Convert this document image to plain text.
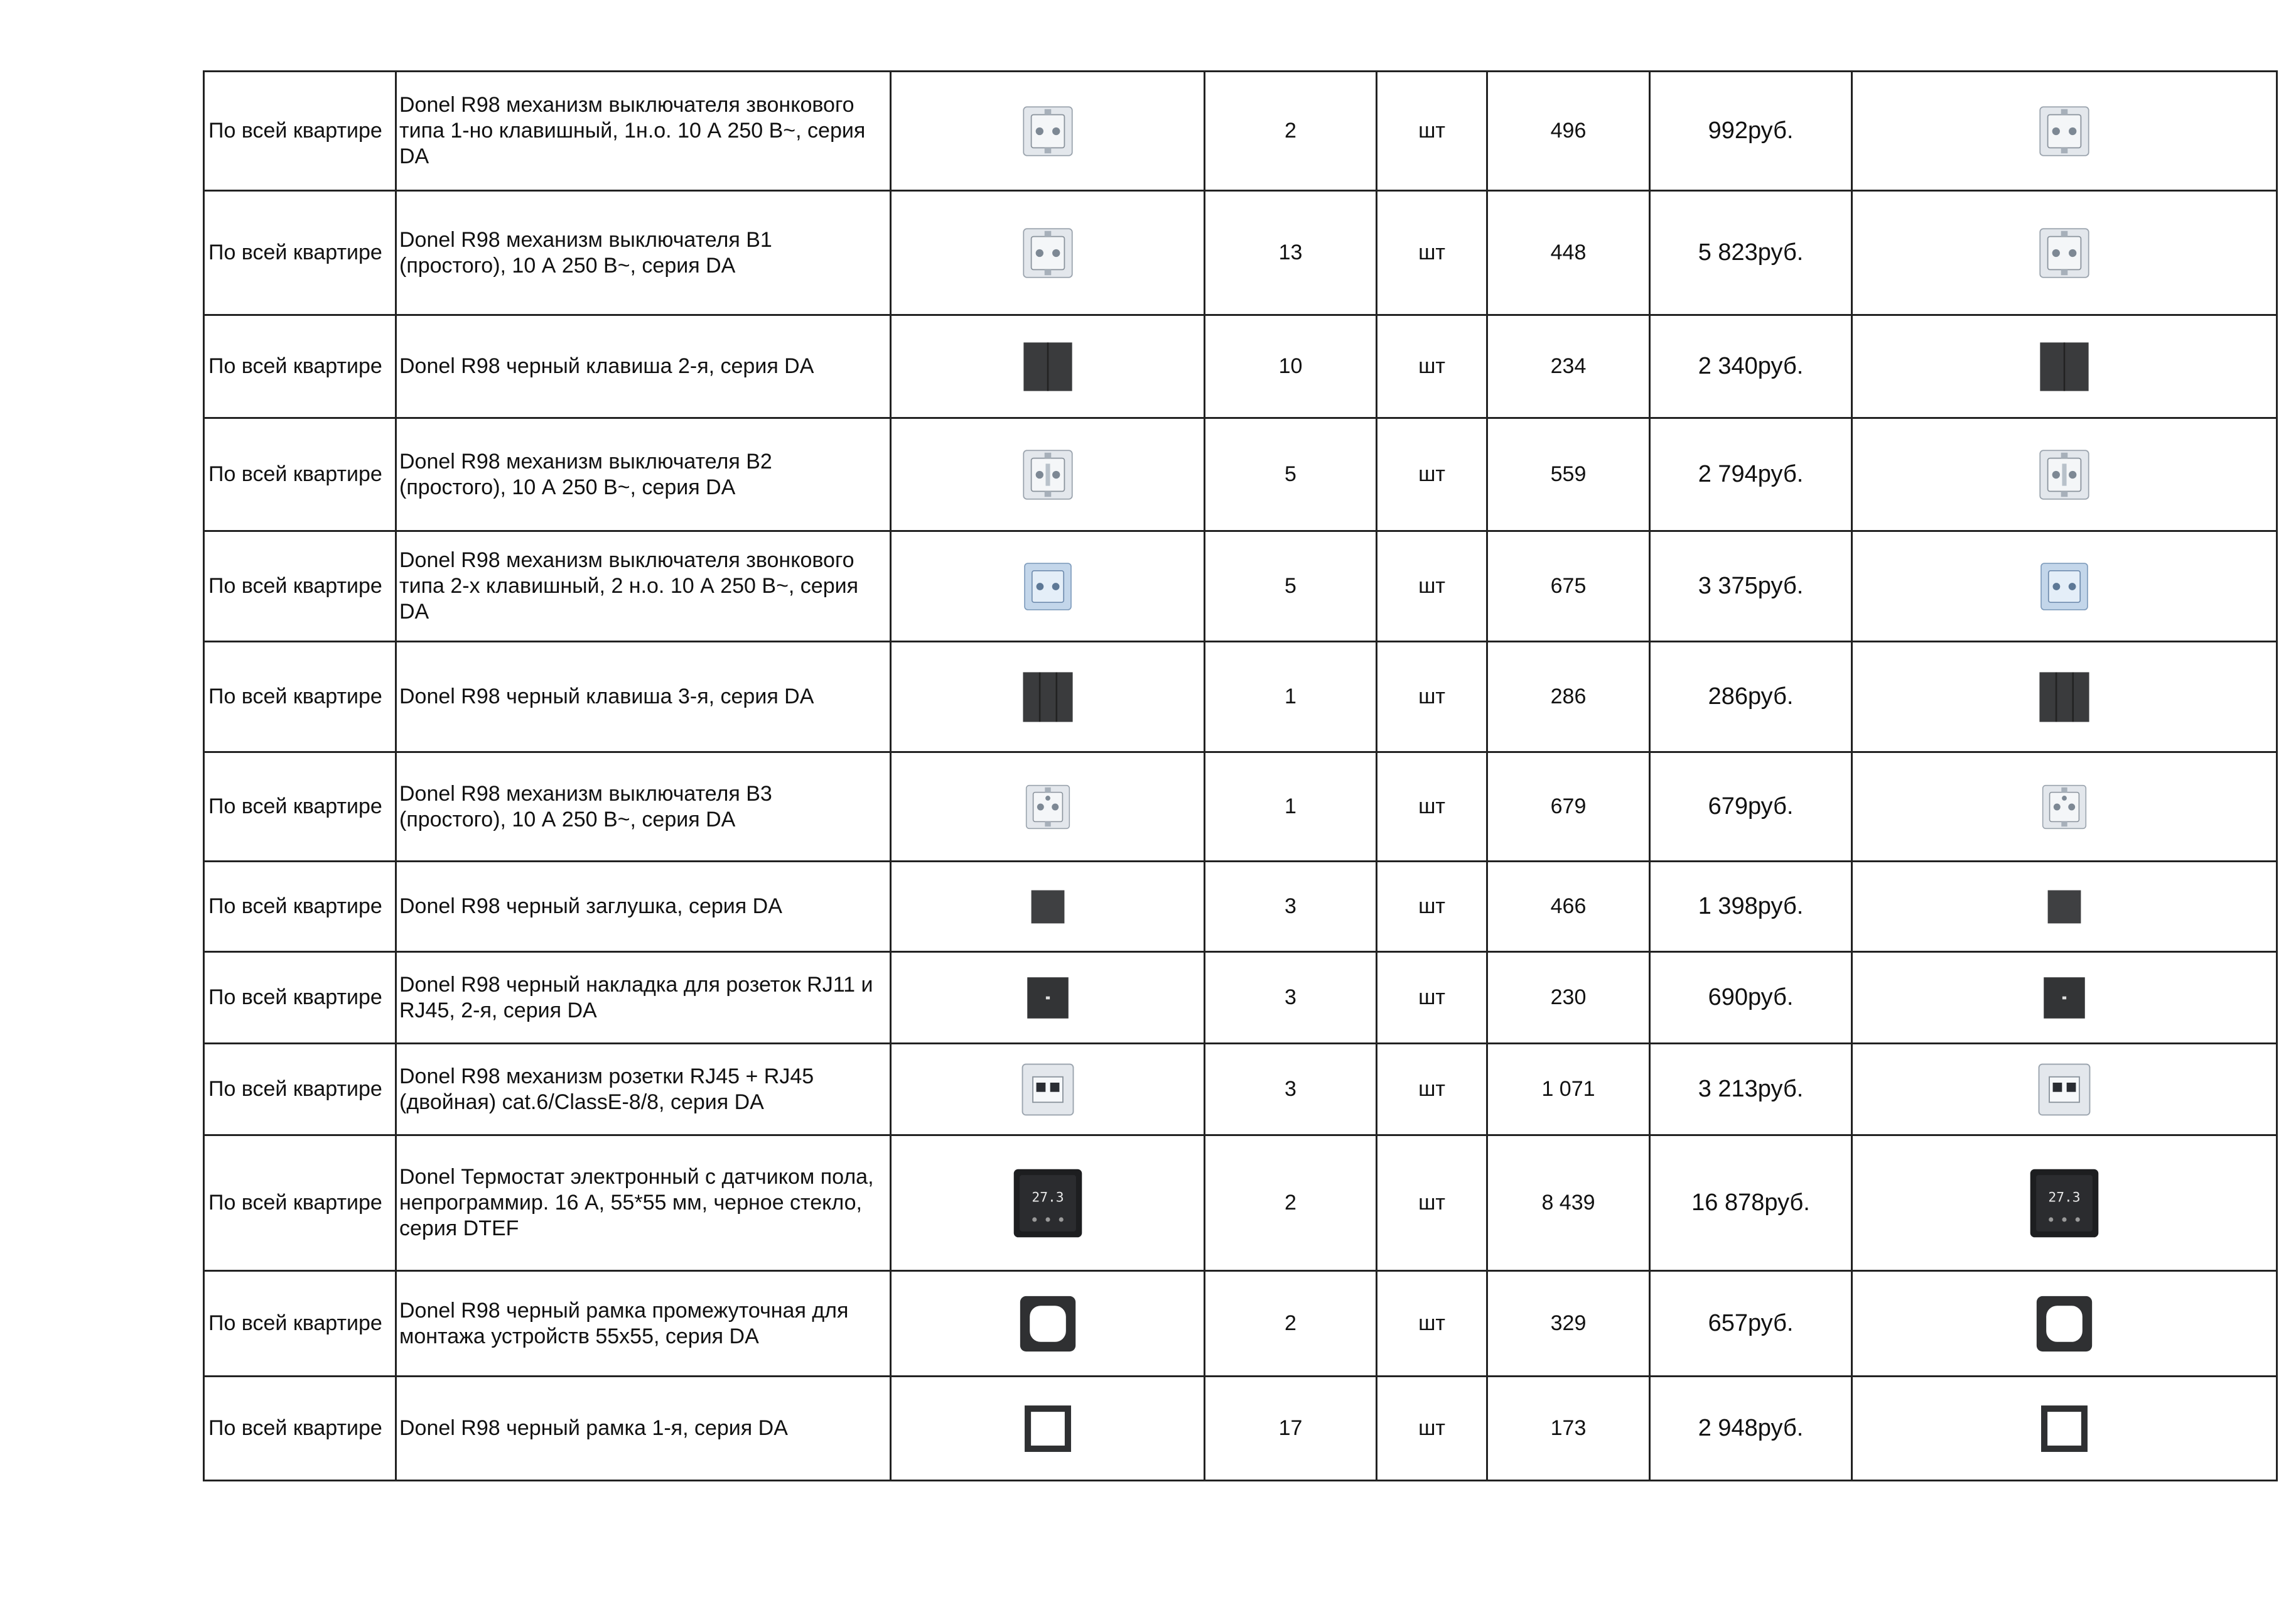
По всей квартире	Donel R98 механизм выключателя звонкового типа 1-но клавишный, 1н.о. 10 А 250 В~, серия DA		2	шт	496	992руб.	

По всей квартире	Donel R98 механизм выключателя В1 (простого), 10 А 250 В~, серия DA		13	шт	448	5 823руб.	

По всей квартире	Donel R98 черный клавиша 2-я, серия DA		10	шт	234	2 340руб.	

По всей квартире	Donel R98 механизм выключателя В2 (простого), 10 А 250 В~, серия DA		5	шт	559	2 794руб.	

По всей квартире	Donel R98 механизм выключателя звонкового типа 2-х клавишный, 2 н.о. 10 А 250 В~, серия DA		5	шт	675	3 375руб.	

По всей квартире	Donel R98 черный клавиша 3-я, серия DA		1	шт	286	286руб.	

По всей квартире	Donel R98 механизм выключателя В3 (простого), 10 А 250 В~, серия DA		1	шт	679	679руб.	

По всей квартире	Donel R98 черный заглушка, серия DA		3	шт	466	1 398руб.	

По всей квартире	Donel R98 черный накладка для розеток RJ11 и RJ45, 2-я, серия DA		3	шт	230	690руб.	

По всей квартире	Donel R98 механизм розетки RJ45 + RJ45 (двойная) cat.6/ClassE-8/8, серия DA		3	шт	1 071	3 213руб.	

По всей квартире	Donel Термостат электронный с датчиком пола, непрограммир. 16 А, 55*55 мм, черное стекло, серия DTEF	27.3	2	шт	8 439	16 878руб.	27.3

По всей квартире	Donel R98 черный рамка промежуточная для монтажа устройств 55х55, серия DA		2	шт	329	657руб.	

По всей квартире	Donel R98 черный рамка 1-я, серия DA		17	шт	173	2 948руб.	
